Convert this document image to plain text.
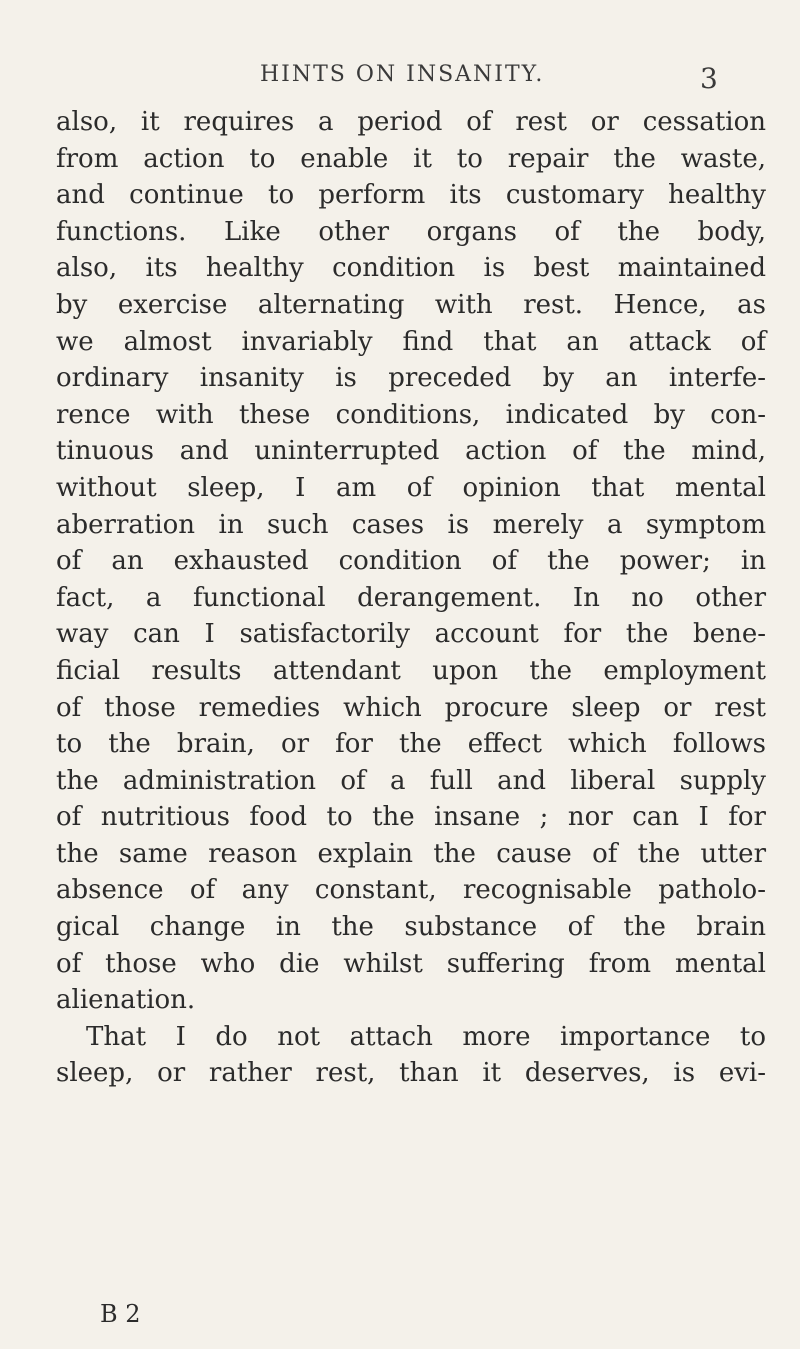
HINTS ON INSANITY.	3
also, it requires a period of rest or cessation
from action to enable it to repair the waste,
and continue to perform its customary healthy
functions. Like other organs of the body,
also, its healthy condition is best maintained
by exercise alternating with rest. Hence, as
we almost invariably find that an attack of
ordinary insanity is preceded by an interfe-
rence with these conditions, indicated by con-
tinuous and uninterrupted action of the mind,
without sleep, I am of opinion that mental
aberration in such cases is merely a symptom
of an exhausted condition of the power; in
fact, a functional derangement. In no other
way can I satisfactorily account for the bene-
ficial results attendant upon the employment
of those remedies which procure sleep or rest
to the brain, or for the effect which follows
the administration of a full and liberal supply
of nutritious food to the insane ; nor can I for
the same reason explain the cause of the utter
absence of any constant, recognisable patholo-
gical change in the substance of the brain
of those who die whilst suffering from mental
alienation.
That I do not attach more importance to
sleep, or rather rest, than it deserves, is evi-
B 2
